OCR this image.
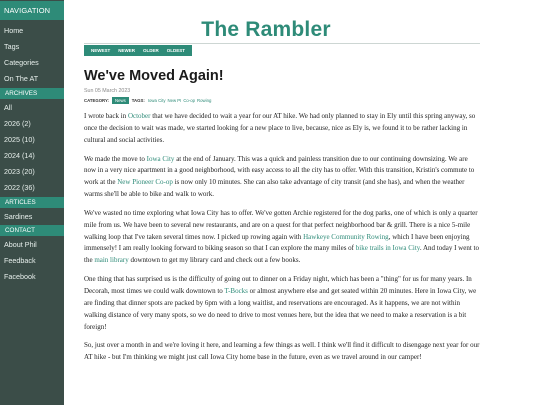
NAVIGATION
Home
Tags
Categories
On The AT
ARCHIVES
All
2026 (2)
2025 (10)
2024 (14)
2023 (20)
2022 (36)
ARTICLES
Sardines
CONTACT
About Phil
Feedback
Facebook
The Rambler
NEWEST NEWER OLDER OLDEST
We've Moved Again!
Sun 05 March 2023
CATEGORY:	News	TAGS: Iowa City New PI Co-op Rowing

I wrote back in October that we have decided to wait a year for our AT hike. We had only planned to stay in Ely until this spring anyway, so once the decision to wait was made, we started looking for a new place to live, because, nice as Ely is, we found it to be rather lacking in cultural and social activities.

We made the move to Iowa City at the end of January. This was a quick and painless transition due to our continuing downsizing. We are now in a very nice apartment in a good neighborhood, with easy access to all the city has to offer. With this transition, Kristin's commute to work at the New Pioneer Co-op is now only 10 minutes. She can also take advantage of city transit (and she has), and when the weather warms she'll be able to bike and walk to work.

We've wasted no time exploring what Iowa City has to offer. We've gotten Archie registered for the dog parks, one of which is only a quarter mile from us. We have been to several new restaurants, and are on a quest for that perfect neighborhood bar & grill. There is a nice 5-mile walking loop that I've taken several times now. I picked up rowing again with Hawkeye Community Rowing, which I have been enjoying immensely! I am really looking forward to biking season so that I can explore the many miles of bike trails in Iowa City. And today I went to the main library downtown to get my library card and check out a few books.

One thing that has surprised us is the difficulty of going out to dinner on a Friday night, which has been a "thing" for us for many years. In Decorah, most times we could walk downtown to T-Bocks or almost anywhere else and get seated within 20 minutes. Here in Iowa City, we are finding that dinner spots are packed by 6pm with a long waitlist, and reservations are encouraged. As it happens, we are not within walking distance of very many spots, so we do need to drive to most venues here, but the idea that we need to make a reservation is a bit foreign!

So, just over a month in and we're loving it here, and learning a few things as well. I think we'll find it difficult to disengage next year for our AT hike - but I'm thinking we might just call Iowa City home base in the future, even as we travel around in our camper!
